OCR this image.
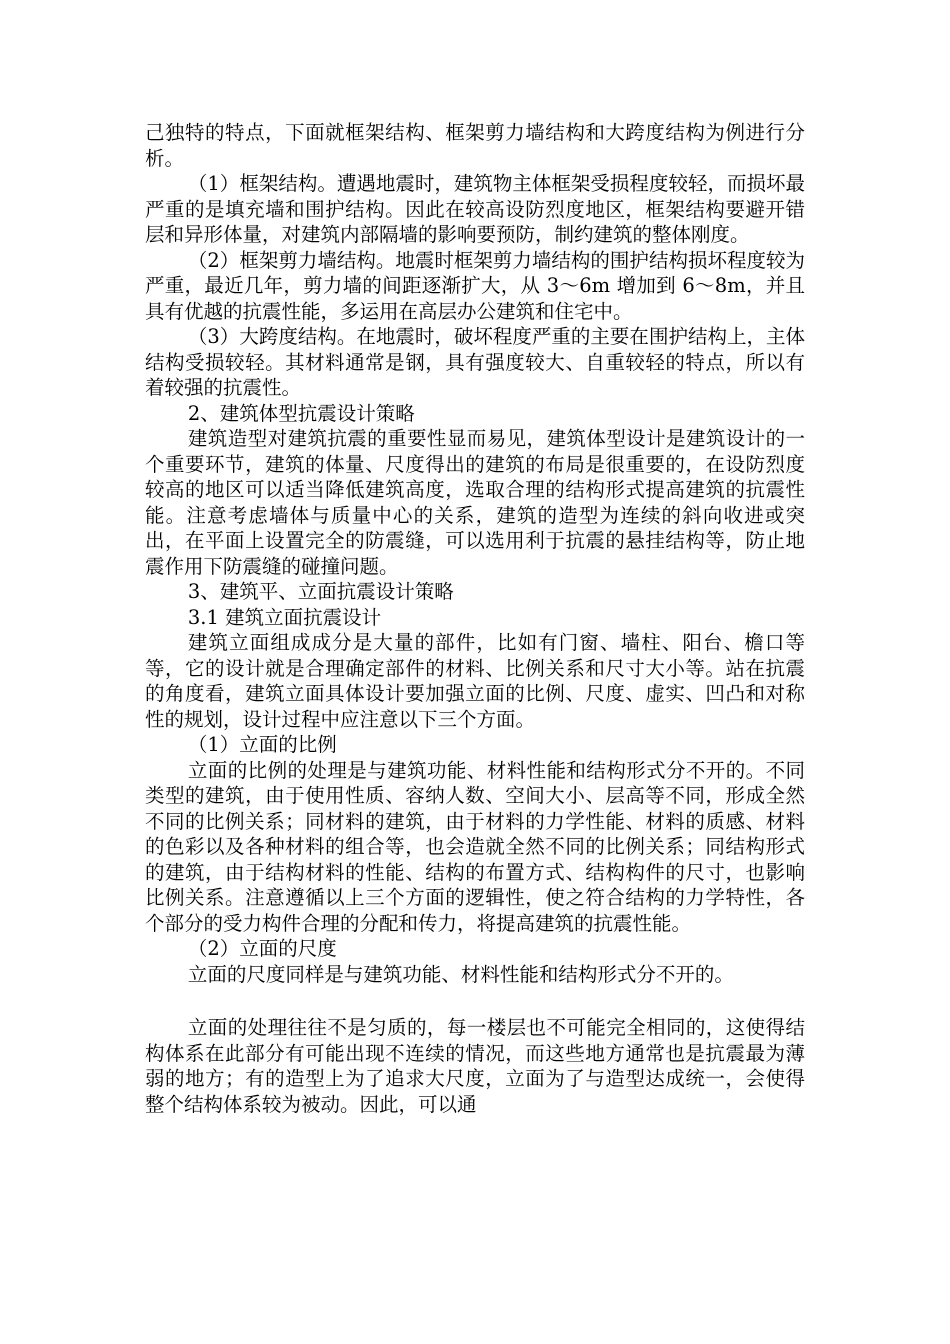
己独特的特点，下面就框架结构、框架剪力墙结构和大跨度结构为例进行分析。

（1）框架结构。遭遇地震时，建筑物主体框架受损程度较轻，而损坏最严重的是填充墙和围护结构。因此在较高设防烈度地区，框架结构要避开错层和异形体量，对建筑内部隔墙的影响要预防，制约建筑的整体刚度。

（2）框架剪力墙结构。地震时框架剪力墙结构的围护结构损坏程度较为严重，最近几年，剪力墙的间距逐渐扩大，从 3～6m 增加到 6～8m，并且具有优越的抗震性能，多运用在高层办公建筑和住宅中。

（3）大跨度结构。在地震时，破坏程度严重的主要在围护结构上，主体结构受损较轻。其材料通常是钢，具有强度较大、自重较轻的特点，所以有着较强的抗震性。

2、建筑体型抗震设计策略

建筑造型对建筑抗震的重要性显而易见，建筑体型设计是建筑设计的一个重要环节，建筑的体量、尺度得出的建筑的布局是很重要的，在设防烈度较高的地区可以适当降低建筑高度，选取合理的结构形式提高建筑的抗震性能。注意考虑墙体与质量中心的关系，建筑的造型为连续的斜向收进或突出，在平面上设置完全的防震缝，可以选用利于抗震的悬挂结构等，防止地震作用下防震缝的碰撞问题。

3、建筑平、立面抗震设计策略

3.1 建筑立面抗震设计

建筑立面组成成分是大量的部件，比如有门窗、墙柱、阳台、檐口等等，它的设计就是合理确定部件的材料、比例关系和尺寸大小等。站在抗震的角度看，建筑立面具体设计要加强立面的比例、尺度、虚实、凹凸和对称性的规划，设计过程中应注意以下三个方面。

（1）立面的比例

立面的比例的处理是与建筑功能、材料性能和结构形式分不开的。不同类型的建筑，由于使用性质、容纳人数、空间大小、层高等不同，形成全然不同的比例关系；同材料的建筑，由于材料的力学性能、材料的质感、材料的色彩以及各种材料的组合等，也会造就全然不同的比例关系；同结构形式的建筑，由于结构材料的性能、结构的布置方式、结构构件的尺寸，也影响比例关系。注意遵循以上三个方面的逻辑性，使之符合结构的力学特性，各个部分的受力构件合理的分配和传力，将提高建筑的抗震性能。

（2）立面的尺度

立面的尺度同样是与建筑功能、材料性能和结构形式分不开的。

立面的处理往往不是匀质的，每一楼层也不可能完全相同的，这使得结构体系在此部分有可能出现不连续的情况，而这些地方通常也是抗震最为薄弱的地方；有的造型上为了追求大尺度，立面为了与造型达成统一，会使得整个结构体系较为被动。因此，可以通
